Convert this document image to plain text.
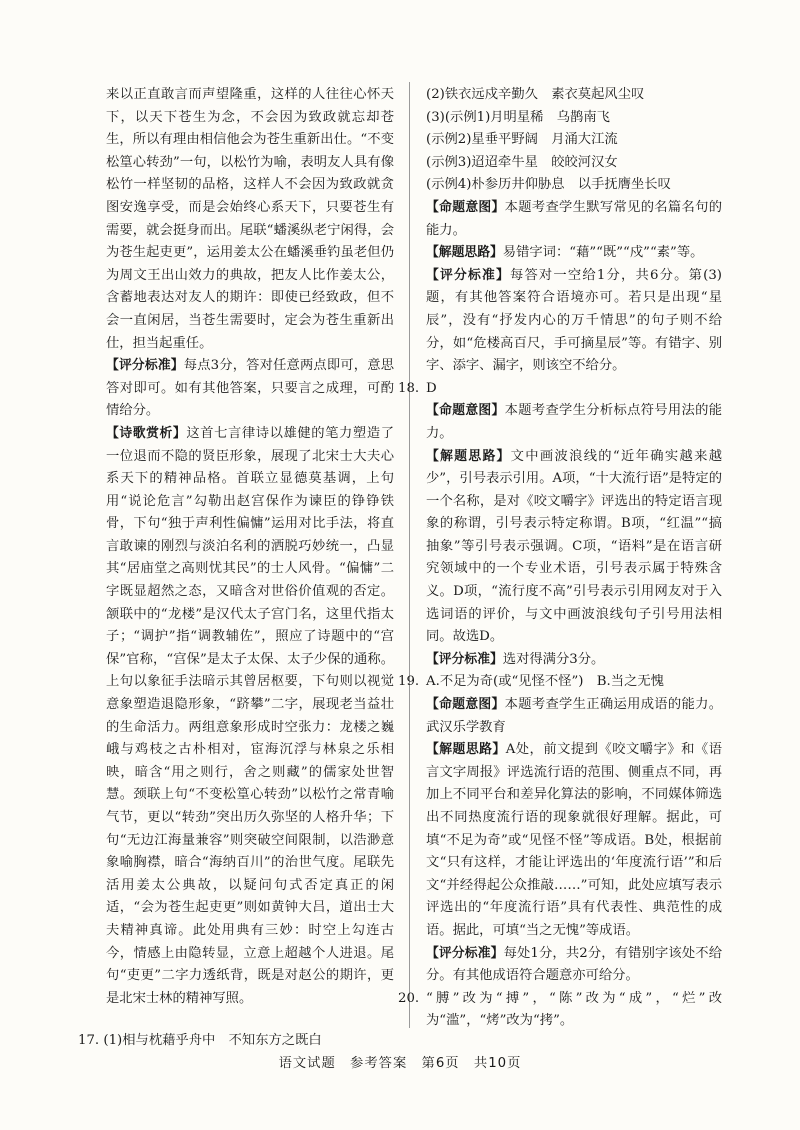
来以正直敢言而声望隆重，这样的人往往心怀天下，以天下苍生为念，不会因为致政就忘却苍生，所以有理由相信他会为苍生重新出仕。“不变松篁心转劲”一句，以松竹为喻，表明友人具有像松竹一样坚韧的品格，这样人不会因为致政就贪图安逸享受，而是会始终心系天下，只要苍生有需要，就会挺身而出。尾联“蟠溪纵老宁闲得，会为苍生起吏更”，运用姜太公在蟠溪垂钓虽老但仍为周文王出山效力的典故，把友人比作姜太公，含蓄地表达对友人的期许：即使已经致政，但不会一直闲居，当苍生需要时，定会为苍生重新出仕，担当起重任。

【评分标准】每点3分，答对任意两点即可，意思答对即可。如有其他答案，只要言之成理，可酌情给分。

【诗歌赏析】这首七言律诗以雄健的笔力塑造了一位退而不隐的贤臣形象，展现了北宋士大夫心系天下的精神品格。首联立显德莫基调，上句用“说论危言”勾勒出赵宫保作为谏臣的铮铮铁骨，下句“独于声利性偏慵”运用对比手法，将直言敢谏的刚烈与淡泊名利的洒脱巧妙统一，凸显其“居庙堂之高则忧其民”的士人风骨。“偏慵”二字既显超然之态，又暗含对世俗价值观的否定。颔联中的“龙楼”是汉代太子宫门名，这里代指太子；“调护”指“调教辅佐”，照应了诗题中的“宫保”官称，“宫保”是太子太保、太子少保的通称。上句以象征手法暗示其曾居枢要，下句则以视觉意象塑造退隐形象，“跻攀”二字，展现老当益壮的生命活力。两组意象形成时空张力：龙楼之巍峨与鸡枝之古朴相对，宦海沉浮与林泉之乐相映，暗含“用之则行，舍之则藏”的儒家处世智慧。颈联上句“不变松篁心转劲”以松竹之常青喻气节，更以“转劲”突出历久弥坚的人格升华；下句“无边江海量兼容”则突破空间限制，以浩渺意象喻胸襟，暗合“海纳百川”的治世气度。尾联先活用姜太公典故，以疑问句式否定真正的闲适，“会为苍生起吏更”则如黄钟大吕，道出士大夫精神真谛。此处用典有三妙：时空上勾连古今，情感上由隐转显，立意上超越个人进退。尾句“吏更”二字力透纸背，既是对赵公的期许，更是北宋士林的精神写照。

17. (1)相与枕藉乎舟中　不知东方之既白
(2)铁衣远戍辛勤久　素衣莫起风尘叹
(3)(示例1)月明星稀　乌鹊南飞
(示例2)星垂平野阔　月涌大江流
(示例3)迢迢牵牛星　皎皎河汉女
(示例4)朴参历井仰胁息　以手抚膺坐长叹

【命题意图】本题考查学生默写常见的名篇名句的能力。

【解题思路】易错字词：“藉”“既”“戍”“素”等。

【评分标准】每答对一空给1分，共6分。第(3)题，有其他答案符合语境亦可。若只是出现“星辰”，没有“抒发内心的万千情思”的句子则不给分，如“危楼高百尺，手可摘星辰”等。有错字、别字、添字、漏字，则该空不给分。

18. D

【命题意图】本题考查学生分析标点符号用法的能力。

【解题思路】文中画波浪线的“近年确实越来越少”，引号表示引用。A项，“十大流行语”是特定的一个名称，是对《咬文嚼字》评选出的特定语言现象的称谓，引号表示特定称谓。B项，“红温”“搞抽象”等引号表示强调。C项，“语料”是在语言研究领域中的一个专业术语，引号表示属于特殊含义。D项，“流行度不高”引号表示引用网友对于入选词语的评价，与文中画波浪线句子引号用法相同。故选D。

【评分标准】选对得满分3分。

19. A.不足为奇(或“见怪不怪”)　B.当之无愧

【命题意图】本题考查学生正确运用成语的能力。武汉乐学教育

【解题思路】A处，前文提到《咬文嚼字》和《语言文字周报》评选流行语的范围、侧重点不同，再加上不同平台和差异化算法的影响，不同媒体筛选出不同热度流行语的现象就很好理解。据此，可填“不足为奇”或“见怪不怪”等成语。B处，根据前文“只有这样，才能让评选出的‘年度流行语’”和后文“并经得起公众推敲……”可知，此处应填写表示评选出的“年度流行语”具有代表性、典范性的成语。据此，可填“当之无愧”等成语。

【评分标准】每处1分，共2分，有错别字该处不给分。有其他成语符合题意亦可给分。

20. “膊”改为“搏”，“陈”改为“成”，“烂”改为“滥”，“烤”改为“拷”。
语文试题　参考答案　第6页　共10页
